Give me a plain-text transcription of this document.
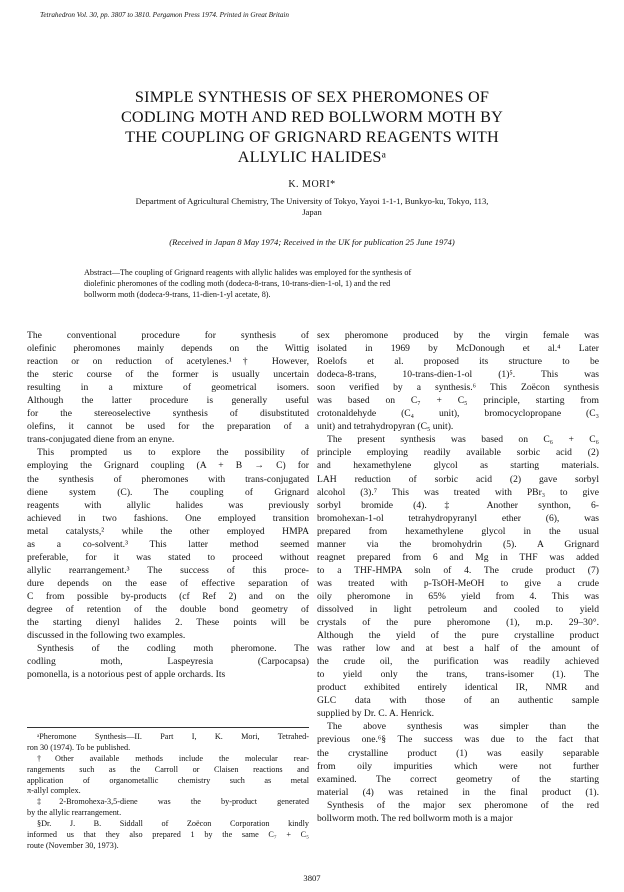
Tetrahedron Vol. 30, pp. 3807 to 3810. Pergamon Press 1974. Printed in Great Britain
SIMPLE SYNTHESIS OF SEX PHEROMONES OF
CODLING MOTH AND RED BOLLWORM MOTH BY
THE COUPLING OF GRIGNARD REAGENTS WITH
ALLYLIC HALIDESᵃ
K. MORI*
Department of Agricultural Chemistry, The University of Tokyo, Yayoi 1-1-1, Bunkyo-ku, Tokyo, 113,
Japan
(Received in Japan 8 May 1974; Received in the UK for publication 25 June 1974)
Abstract—The coupling of Grignard reagents with allylic halides was employed for the synthesis of
diolefinic pheromones of the codling moth (dodeca-8-trans, 10-trans-dien-1-ol, 1) and the red
bollworm moth (dodeca-9-trans, 11-dien-1-yl acetate, 8).
The conventional procedure for synthesis of
olefinic pheromones mainly depends on the Wittig
reaction or on reduction of acetylenes.¹† However,
the steric course of the former is usually uncertain
resulting in a mixture of geometrical isomers.
Although the latter procedure is generally useful
for the stereoselective synthesis of disubstituted
olefins, it cannot be used for the preparation of a
trans-conjugated diene from an enyne.
This prompted us to explore the possibility of
employing the Grignard coupling (A + B → C) for
the synthesis of pheromones with trans-conjugated
diene system (C). The coupling of Grignard
reagents with allylic halides was previously
achieved in two fashions. One employed transition
metal catalysts,² while the other employed HMPA
as a co-solvent.³ This latter method seemed
preferable, for it was stated to proceed without
allylic rearrangement.³ The success of this proce-
dure depends on the ease of effective separation of
C from possible by-products (cf Ref 2) and on the
degree of retention of the double bond geometry of
the starting dienyl halides 2. These points will be
discussed in the following two examples.
Synthesis of the codling moth pheromone. The
codling moth, Laspeyresia (Carpocapsa)
pomonella, is a notorious pest of apple orchards. Its
ᵃPheromone Synthesis—II. Part I, K. Mori, Tetrahed-
ron 30 (1974). To be published.
†Other available methods include the molecular rear-
rangements such as the Carroll or Claisen reactions and
application of organometallic chemistry such as metal
π-allyl complex.
‡2-Bromohexa-3,5-diene was the by-product generated
by the allylic rearrangement.
§Dr. J. B. Siddall of Zoëcon Corporation kindly
informed us that they also prepared 1 by the same C₇ + C₅
route (November 30, 1973).
sex pheromone produced by the virgin female was
isolated in 1969 by McDonough et al.⁴ Later
Roelofs et al. proposed its structure to be
dodeca-8-trans, 10-trans-dien-1-ol (1)⁵. This was
soon verified by a synthesis.⁶ This Zoëcon synthesis
was based on C₇ + C₅ principle, starting from
crotonaldehyde (C₄ unit), bromocyclopropane (C₃
unit) and tetrahydropyran (C₅ unit).
The present synthesis was based on C₆ + C₆
principle employing readily available sorbic acid (2)
and hexamethylene glycol as starting materials.
LAH reduction of sorbic acid (2) gave sorbyl
alcohol (3).⁷ This was treated with PBr₃ to give
sorbyl bromide (4).‡ Another synthon, 6-
bromohexan-1-ol tetrahydropyranyl ether (6), was
prepared from hexamethylene glycol in the usual
manner via the bromohydrin (5). A Grignard
reagnet prepared from 6 and Mg in THF was added
to a THF-HMPA soln of 4. The crude product (7)
was treated with p-TsOH-MeOH to give a crude
oily pheromone in 65% yield from 4. This was
dissolved in light petroleum and cooled to yield
crystals of the pure pheromone (1), m.p. 29–30°.
Although the yield of the pure crystalline product
was rather low and at best a half of the amount of
the crude oil, the purification was readily achieved
to yield only the trans, trans-isomer (1). The
product exhibited entirely identical IR, NMR and
GLC data with those of an authentic sample
supplied by Dr. C. A. Henrick.
The above synthesis was simpler than the
previous one.⁶§ The success was due to the fact that
the crystalline product (1) was easily separable
from oily impurities which were not further
examined. The correct geometry of the starting
material (4) was retained in the final product (1).
Synthesis of the major sex pheromone of the red
bollworm moth. The red bollworm moth is a major
3807
